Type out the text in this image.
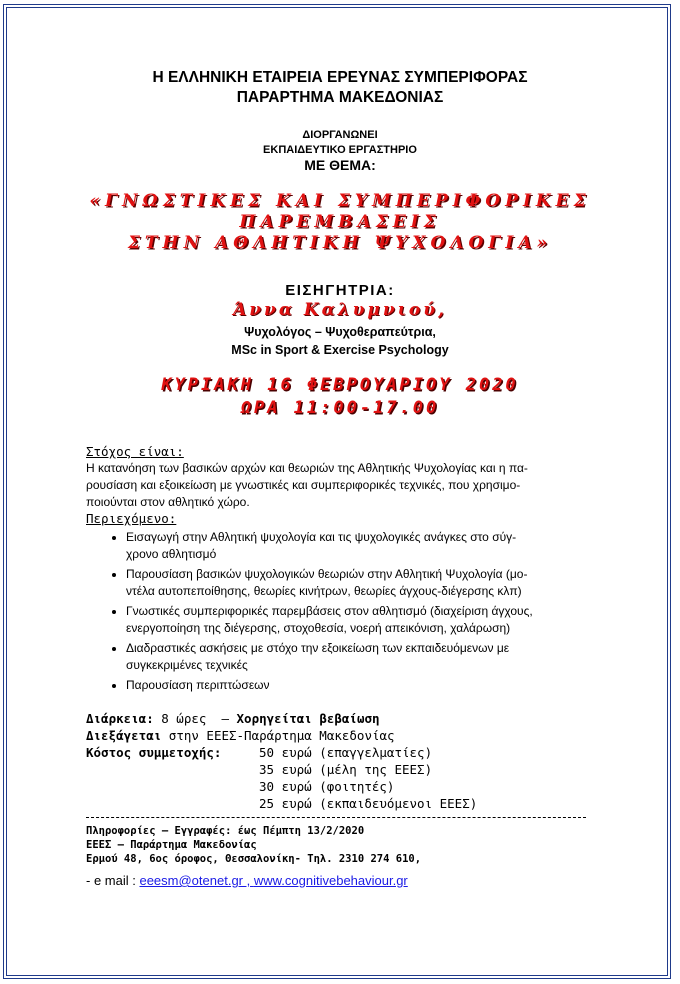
Η ΕΛΛΗΝΙΚΗ ΕΤΑΙΡΕΙΑ ΕΡΕΥΝΑΣ ΣΥΜΠΕΡΙΦΟΡΑΣ
ΠΑΡΑΡΤΗΜΑ ΜΑΚΕΔΟΝΙΑΣ
ΔΙΟΡΓΑΝΩΝΕΙ
ΕΚΠΑΙΔΕΥΤΙΚΟ ΕΡΓΑΣΤΗΡΙΟ
ΜΕ ΘΕΜΑ:
«ΓΝΩΣΤΙΚΕΣ ΚΑΙ ΣΥΜΠΕΡΙΦΟΡΙΚΕΣ
ΠΑΡΕΜΒΑΣΕΙΣ
ΣΤΗΝ ΑΘΛΗΤΙΚΗ ΨΥΧΟΛΟΓΙΑ»
ΕΙΣΗΓΗΤΡΙΑ:
Άννα Καλυμνιού,
Ψυχολόγος – Ψυχοθεραπεύτρια,
MSc in Sport & Exercise Psychology
ΚΥΡΙΑΚΗ 16 ΦΕΒΡΟΥΑΡΙΟΥ 2020
ΩΡΑ 11:00-17.00
Στόχος είναι:
Η κατανόηση των βασικών αρχών και θεωριών της Αθλητικής Ψυχολογίας και η πα-
ρουσίαση και εξοικείωση με γνωστικές και συμπεριφορικές τεχνικές, που χρησιμο-
ποιούνται στον αθλητικό χώρο.
Περιεχόμενο:
• Εισαγωγή στην Αθλητική ψυχολογία και τις ψυχολογικές ανάγκες στο σύγ-
χρονο αθλητισμό
• Παρουσίαση βασικών ψυχολογικών θεωριών στην Αθλητική Ψυχολογία (μο-
ντέλα αυτοπεποίθησης, θεωρίες κινήτρων, θεωρίες άγχους-διέγερσης κλπ)
• Γνωστικές συμπεριφορικές παρεμβάσεις στον αθλητισμό (διαχείριση άγχους,
ενεργοποίηση της διέγερσης, στοχοθεσία, νοερή απεικόνιση, χαλάρωση)
• Διαδραστικές ασκήσεις με στόχο την εξοικείωση των εκπαιδευόμενων με
συγκεκριμένες τεχνικές
• Παρουσίαση περιπτώσεων
Διάρκεια: 8 ώρες  – Χορηγείται βεβαίωση
Διεξάγεται στην ΕΕΕΣ-Παράρτημα Μακεδονίας
Κόστος συμμετοχής:	50 ευρώ (επαγγελματίες)
35 ευρώ (μέλη της ΕΕΕΣ)
30 ευρώ (φοιτητές)
25 ευρώ (εκπαιδευόμενοι ΕΕΕΣ)
Πληροφορίες – Εγγραφές: έως Πέμπτη 13/2/2020
ΕΕΕΣ – Παράρτημα Μακεδονίας
Ερμού 48, 6ος όροφος, Θεσσαλονίκη- Τηλ. 2310 274 610,
- e mail : eeesm@otenet.gr , www.cognitivebehaviour.gr
